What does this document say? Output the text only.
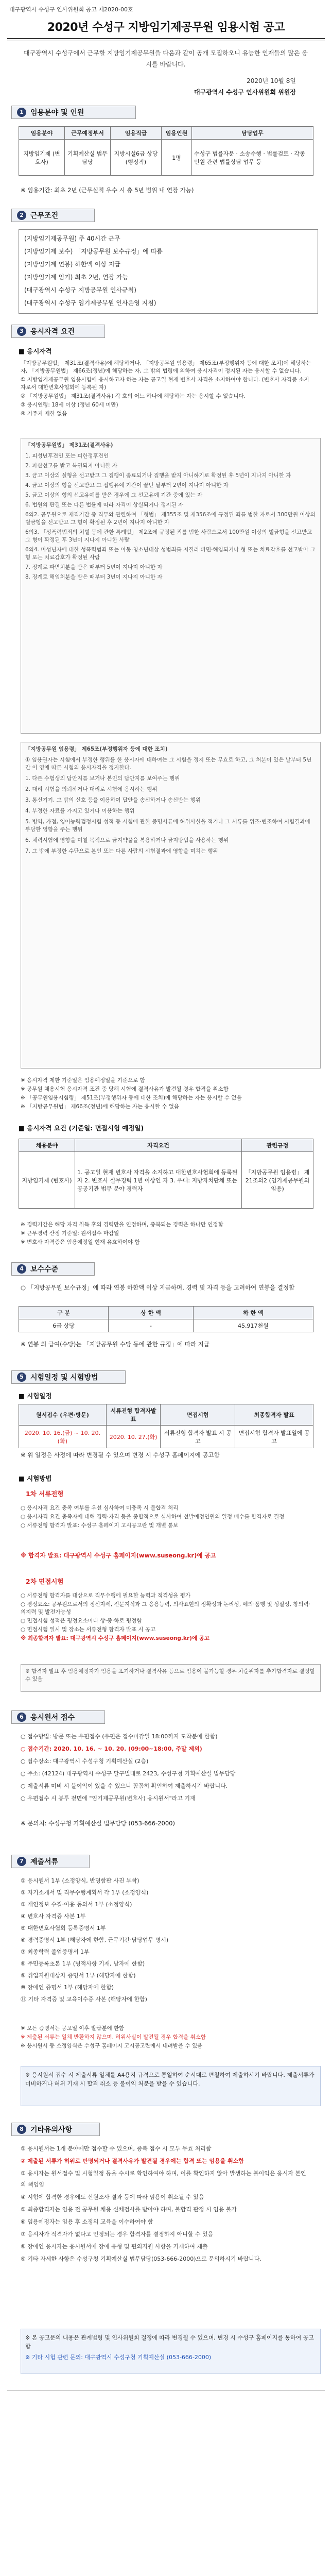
대구광역시 수성구 인사위원회 공고 제2020-00호
2020년 수성구 지방임기제공무원 임용시험 공고
대구광역시 수성구에서 근무할 지방임기제공무원을 다음과 같이 공개 모집하오니 유능한 인재들의 많은 응시를 바랍니다.
2020년 10월 8일
대구광역시 수성구 인사위원회 위원장
1 임용분야 및 인원
임용분야	근무예정부서	임용직급	임용인원	담당업무
지방임기제 (변호사)	기획예산실 법무담당	지방시설6급 상당(행정직)	1명	수성구 법률자문 · 소송수행 · 법률검토 · 각종 민원 관련 법률상담 업무 등
※ 임용기간: 최초 2년 (근무실적 우수 시 총 5년 범위 내 연장 가능)
2 근무조건
(지방임기제공무원) 주 40시간 근무
(지방임기제 보수) 「지방공무원 보수규정」에 따름
(지방임기제 연봉) 하한액 이상 지급
(지방임기제 임기) 최초 2년, 연장 가능
(대구광역시 수성구 지방공무원 인사규칙)
(대구광역시 수성구 임기제공무원 인사운영 지침)
3 응시자격 요건
■ 응시자격

「지방공무원법」 제31조(결격사유)에 해당하거나, 「지방공무원 임용령」 제65조(부정행위자 등에 대한 조치)에 해당하는 자, 「지방공무원법」 제66조(정년)에 해당하는 자, 그 밖의 법령에 의하여 응시자격이 정지된 자는 응시할 수 없습니다.

① 지방임기제공무원 임용시험에 응시하고자 하는 자는 공고일 현재 변호사 자격을 소지하여야 합니다. (변호사 자격증 소지자로서 대한변호사협회에 등록된 자)

② 「지방공무원법」 제31조(결격사유) 각 호의 어느 하나에 해당하는 자는 응시할 수 없습니다.

③ 응시연령: 18세 이상 (정년 60세 미만)

④ 거주지 제한 없음

「지방공무원법」 제31조(결격사유)

1. 피성년후견인 또는 피한정후견인

2. 파산선고를 받고 복권되지 아니한 자

3. 금고 이상의 실형을 선고받고 그 집행이 종료되거나 집행을 받지 아니하기로 확정된 후 5년이 지나지 아니한 자

4. 금고 이상의 형을 선고받고 그 집행유예 기간이 끝난 날부터 2년이 지나지 아니한 자

5. 금고 이상의 형의 선고유예를 받은 경우에 그 선고유예 기간 중에 있는 자

6. 법원의 판결 또는 다른 법률에 따라 자격이 상실되거나 정지된 자

6의2. 공무원으로 재직기간 중 직무와 관련하여 「형법」 제355조 및 제356조에 규정된 죄를 범한 자로서 300만원 이상의 벌금형을 선고받고 그 형이 확정된 후 2년이 지나지 아니한 자

6의3. 「성폭력범죄의 처벌 등에 관한 특례법」 제2조에 규정된 죄를 범한 사람으로서 100만원 이상의 벌금형을 선고받고 그 형이 확정된 후 3년이 지나지 아니한 사람

6의4. 미성년자에 대한 성폭력범죄 또는 아동·청소년대상 성범죄를 저질러 파면·해임되거나 형 또는 치료감호를 선고받아 그 형 또는 치료감호가 확정된 사람

7. 징계로 파면처분을 받은 때부터 5년이 지나지 아니한 자

8. 징계로 해임처분을 받은 때부터 3년이 지나지 아니한 자

「지방공무원 임용령」 제65조(부정행위자 등에 대한 조치)

① 임용권자는 시험에서 부정한 행위를 한 응시자에 대하여는 그 시험을 정지 또는 무효로 하고, 그 처분이 있은 날부터 5년간 이 영에 따른 시험의 응시자격을 정지한다.

1. 다른 수험생의 답안지를 보거나 본인의 답안지를 보여주는 행위

2. 대리 시험을 의뢰하거나 대리로 시험에 응시하는 행위

3. 통신기기, 그 밖의 신호 등을 이용하여 답안을 송신하거나 송신받는 행위

4. 부정한 자료를 가지고 있거나 이용하는 행위

5. 병역, 가점, 영어능력검정시험 성적 등 시험에 관한 증명서류에 허위사실을 적거나 그 서류를 위조·변조하여 시험결과에 부당한 영향을 주는 행위

6. 체력시험에 영향을 미칠 목적으로 금지약물을 복용하거나 금지방법을 사용하는 행위

7. 그 밖에 부정한 수단으로 본인 또는 다른 사람의 시험결과에 영향을 미치는 행위

※ 응시자격 제한 기준일은 임용예정일을 기준으로 함

※ 공무원 채용시험 응시자격 조건 중 당해 시험에 결격사유가 발견될 경우 합격을 취소함

※ 「공무원임용시험령」 제51조(부정행위자 등에 대한 조치)에 해당하는 자는 응시할 수 없음

※ 「지방공무원법」 제66조(정년)에 해당하는 자는 응시할 수 없음

■ 응시자격 요건 (기준일: 면접시험 예정일)
채용분야	자격요건	관련규정
지방임기제 (변호사)	1. 공고일 현재 변호사 자격을 소지하고 대한변호사협회에 등록된 자 2. 변호사 실무경력 1년 이상인 자 3. 우대: 지방자치단체 또는 공공기관 법무 분야 경력자	「지방공무원 임용령」 제21조의2 (임기제공무원의 임용)

※ 경력기간은 해당 자격 취득 후의 경력만을 인정하며, 중복되는 경력은 하나만 인정함

※ 근무경력 산정 기준일: 원서접수 마감일

※ 변호사 자격증은 임용예정일 현재 유효하여야 함

4 보수수준
○ 「지방공무원 보수규정」에 따라 연봉 하한액 이상 지급하며, 경력 및 자격 등을 고려하여 연봉을 결정함
구 분	상 한 액	하 한 액
6급 상당	-	45,917천원
※ 연봉 외 급여(수당)는 「지방공무원 수당 등에 관한 규정」에 따라 지급
5 시험일정 및 시험방법
■ 시험일정
원서접수 (우편·방문)	서류전형 합격자발표	면접시험	최종합격자 발표
2020. 10. 16.(금) ~ 10. 20.(화)	2020. 10. 27.(화)	서류전형 합격자 발표 시 공고	면접시험 합격자 발표일에 공고
※ 위 일정은 사정에 따라 변경될 수 있으며 변경 시 수성구 홈페이지에 공고함
■ 시험방법
1차 서류전형

○ 응시자격 요건 충족 여부를 우선 심사하여 미충족 시 불합격 처리

○ 응시자격 요건 충족자에 대해 경력·자격 등을 종합적으로 심사하여 선발예정인원의 일정 배수를 합격자로 결정

○ 서류전형 합격자 발표: 수성구 홈페이지 고시공고란 및 개별 통보

※ 합격자 발표: 대구광역시 수성구 홈페이지(www.suseong.kr)에 공고
2차 면접시험

○ 서류전형 합격자를 대상으로 직무수행에 필요한 능력과 적격성을 평가

○ 평정요소: 공무원으로서의 정신자세, 전문지식과 그 응용능력, 의사표현의 정확성과 논리성, 예의·품행 및 성실성, 창의력·의지력 및 발전가능성

○ 면접시험 성적은 평정요소마다 상·중·하로 평정함

○ 면접시험 일시 및 장소는 서류전형 합격자 발표 시 공고

※ 최종합격자 발표: 대구광역시 수성구 홈페이지(www.suseong.kr)에 공고

※ 합격자 발표 후 임용예정자가 임용을 포기하거나 결격사유 등으로 임용이 불가능할 경우 차순위자를 추가합격자로 결정할 수 있음
6 응시원서 접수

○ 접수방법: 방문 또는 우편접수 (우편은 접수마감일 18:00까지 도착분에 한함)

○ 접수기간: 2020. 10. 16. ~ 10. 20. (09:00~18:00, 주말 제외)

○ 접수장소: 대구광역시 수성구청 기획예산실 (2층)

○ 주소: (42124) 대구광역시 수성구 달구벌대로 2423, 수성구청 기획예산실 법무담당

○ 제출서류 미비 시 불이익이 있을 수 있으니 꼼꼼히 확인하여 제출하시기 바랍니다.

○ 우편접수 시 봉투 겉면에 "임기제공무원(변호사) 응시원서"라고 기재

※ 문의처: 수성구청 기획예산실 법무담당 (053-666-2000)
7 제출서류

① 응시원서 1부 (소정양식, 반명함판 사진 부착)

② 자기소개서 및 직무수행계획서 각 1부 (소정양식)

③ 개인정보 수집·이용 동의서 1부 (소정양식)

④ 변호사 자격증 사본 1부

⑤ 대한변호사협회 등록증명서 1부

⑥ 경력증명서 1부 (해당자에 한함, 근무기간·담당업무 명시)

⑦ 최종학력 졸업증명서 1부

⑧ 주민등록초본 1부 (병적사항 기재, 남자에 한함)

⑨ 취업지원대상자 증명서 1부 (해당자에 한함)

⑩ 장애인 증명서 1부 (해당자에 한함)

⑪ 기타 자격증 및 교육이수증 사본 (해당자에 한함)

※ 모든 증명서는 공고일 이후 발급분에 한함

※ 제출된 서류는 일체 반환하지 않으며, 허위사실이 발견될 경우 합격을 취소함

※ 응시원서 등 소정양식은 수성구 홈페이지 고시공고란에서 내려받을 수 있음

※ 응시원서 접수 시 제출서류 일체를 A4용지 규격으로 통일하여 순서대로 편철하여 제출하시기 바랍니다. 제출서류가 미비하거나 허위 기재 시 합격 취소 등 불이익 처분을 받을 수 있습니다.
8 기타유의사항

① 응시원서는 1개 분야에만 접수할 수 있으며, 중복 접수 시 모두 무효 처리함

② 제출된 서류가 허위로 판명되거나 결격사유가 발견될 경우에는 합격 또는 임용을 취소함

③ 응시자는 원서접수 및 시험일정 등을 수시로 확인하여야 하며, 이를 확인하지 않아 발생하는 불이익은 응시자 본인의 책임임

④ 시험에 합격한 경우에도 신원조사 결과 등에 따라 임용이 취소될 수 있음

⑤ 최종합격자는 임용 전 공무원 채용 신체검사를 받아야 하며, 불합격 판정 시 임용 불가

⑥ 임용예정자는 임용 후 소정의 교육을 이수하여야 함

⑦ 응시자가 적격자가 없다고 인정되는 경우 합격자를 결정하지 아니할 수 있음

⑧ 장애인 응시자는 응시원서에 장애 유형 및 편의지원 사항을 기재하여 제출

⑨ 기타 자세한 사항은 수성구청 기획예산실 법무담당(053-666-2000)으로 문의하시기 바랍니다.

※ 본 공고문의 내용은 관계법령 및 인사위원회 결정에 따라 변경될 수 있으며, 변경 시 수성구 홈페이지를 통하여 공고함

※ 기타 시험 관련 문의: 대구광역시 수성구청 기획예산실 (053-666-2000)
